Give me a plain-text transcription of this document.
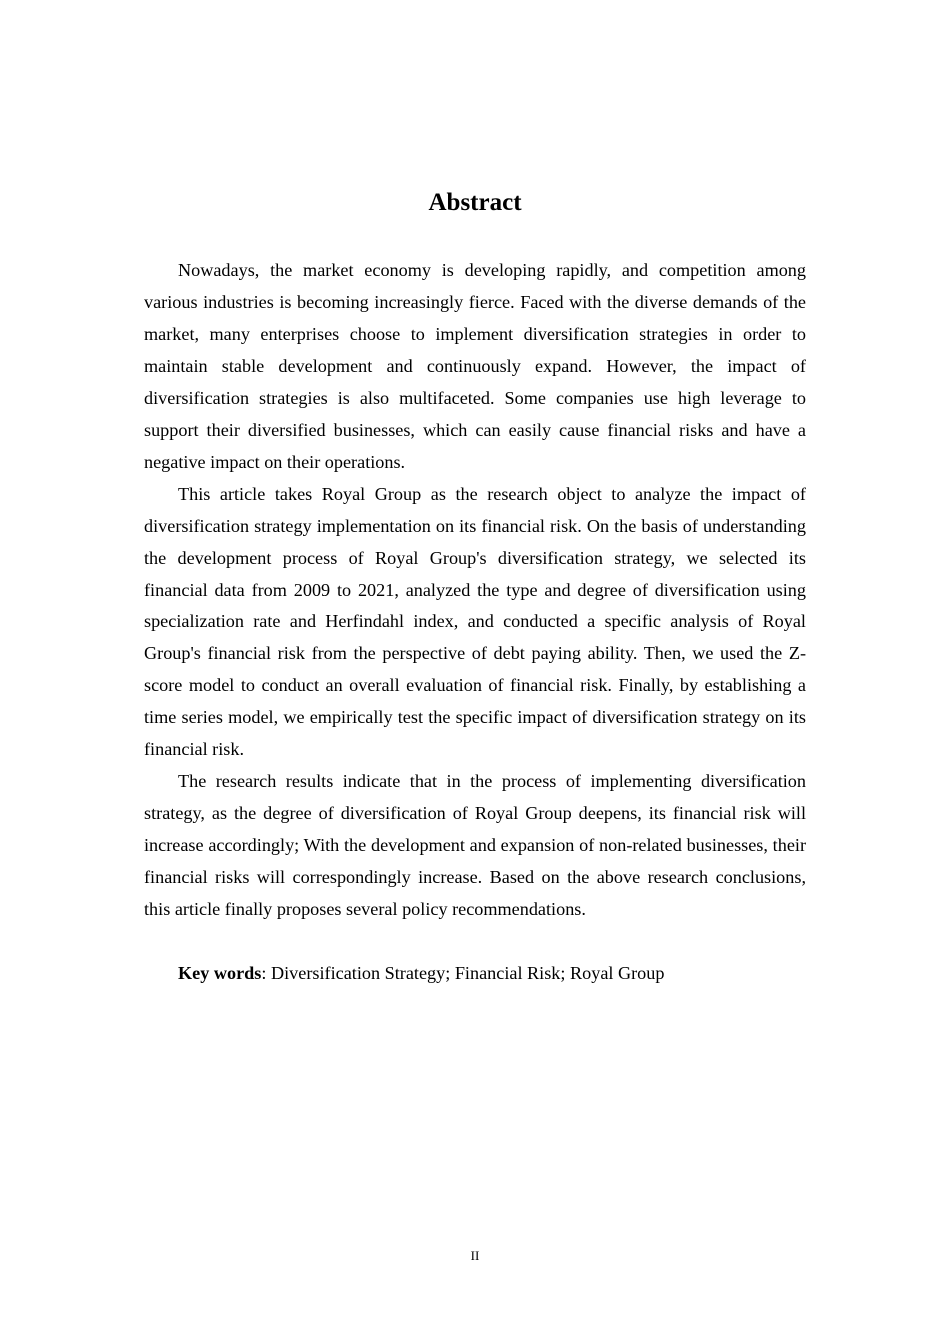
Abstract

Nowadays, the market economy is developing rapidly, and competition among various industries is becoming increasingly fierce. Faced with the diverse demands of the market, many enterprises choose to implement diversification strategies in order to maintain stable development and continuously expand. However, the impact of diversification strategies is also multifaceted. Some companies use high leverage to support their diversified businesses, which can easily cause financial risks and have a negative impact on their operations.

This article takes Royal Group as the research object to analyze the impact of diversification strategy implementation on its financial risk. On the basis of understanding the development process of Royal Group's diversification strategy, we selected its financial data from 2009 to 2021, analyzed the type and degree of diversification using specialization rate and Herfindahl index, and conducted a specific analysis of Royal Group's financial risk from the perspective of debt paying ability. Then, we used the Z-score model to conduct an overall evaluation of financial risk. Finally, by establishing a time series model, we empirically test the specific impact of diversification strategy on its financial risk.

The research results indicate that in the process of implementing diversification strategy, as the degree of diversification of Royal Group deepens, its financial risk will increase accordingly; With the development and expansion of non-related businesses, their financial risks will correspondingly increase. Based on the above research conclusions, this article finally proposes several policy recommendations.

Key words: Diversification Strategy; Financial Risk; Royal Group

II
